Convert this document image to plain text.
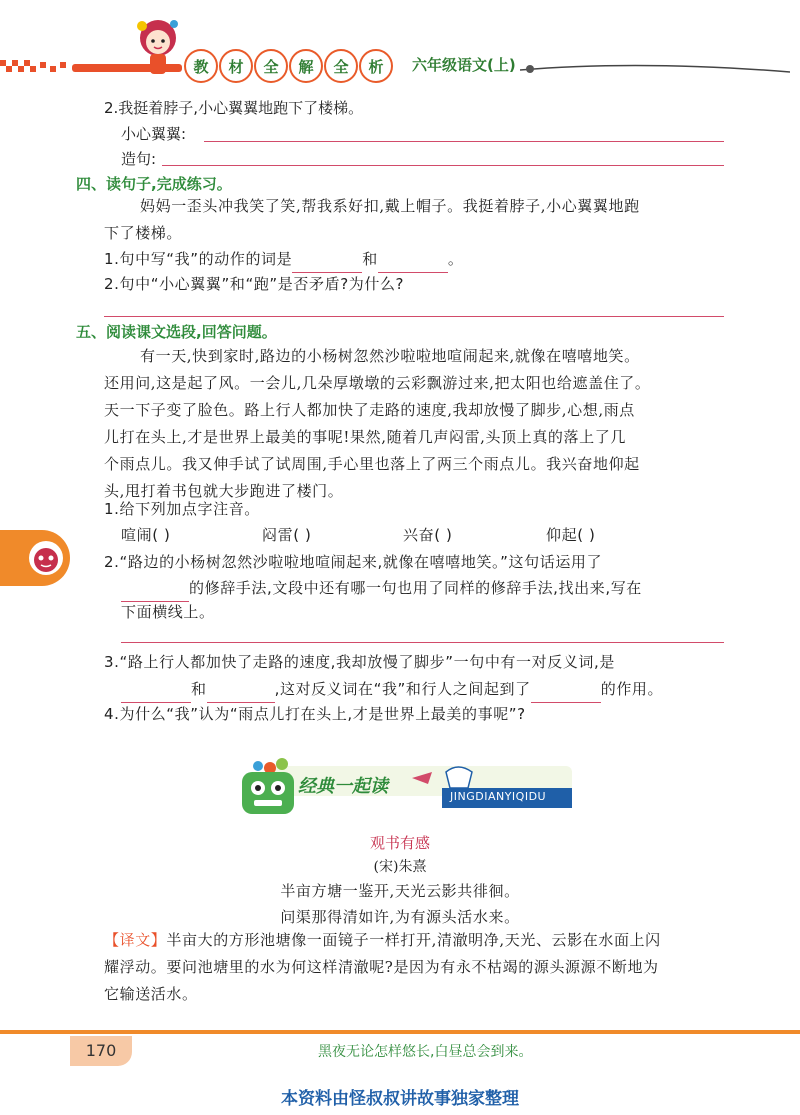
教	材	全	解	全	析	六年级语文(上)
2.我挺着脖子,小心翼翼地跑下了楼梯。
小心翼翼:
造句:
四、读句子,完成练习。
妈妈一歪头冲我笑了笑,帮我系好扣,戴上帽子。我挺着脖子,小心翼翼地跑
下了楼梯。
1.句中写“我”的动作的词是	和	。
2.句中“小心翼翼”和“跑”是否矛盾?为什么?
五、阅读课文选段,回答问题。
有一天,快到家时,路边的小杨树忽然沙啦啦地喧闹起来,就像在嘻嘻地笑。
还用问,这是起了风。一会儿,几朵厚墩墩的云彩飘游过来,把太阳也给遮盖住了。
天一下子变了脸色。路上行人都加快了走路的速度,我却放慢了脚步,心想,雨点
儿打在头上,才是世界上最美的事呢!果然,随着几声闷雷,头顶上真的落上了几
个雨点儿。我又伸手试了试周围,手心里也落上了两三个雨点儿。我兴奋地仰起
头,甩打着书包就大步跑进了楼门。
1.给下列加点字注音。
喧闹( )	闷雷( )	兴奋( )	仰起( )
2.“路边的小杨树忽然沙啦啦地喧闹起来,就像在嘻嘻地笑。”这句话运用了
的修辞手法,文段中还有哪一句也用了同样的修辞手法,找出来,写在
下面横线上。
3.“路上行人都加快了走路的速度,我却放慢了脚步”一句中有一对反义词,是
和	,这对反义词在“我”和行人之间起到了	的作用。
4.为什么“我”认为“雨点儿打在头上,才是世界上最美的事呢”?
经典一起读	JINGDIANYIQIDU
观书有感
(宋)朱熹
半亩方塘一鉴开,天光云影共徘徊。
问渠那得清如许,为有源头活水来。
【译文】半亩大的方形池塘像一面镜子一样打开,清澈明净,天光、云影在水面上闪
耀浮动。要问池塘里的水为何这样清澈呢?是因为有永不枯竭的源头源源不断地为
它输送活水。
170	黑夜无论怎样悠长,白昼总会到来。
本资料由怪叔叔讲故事独家整理
